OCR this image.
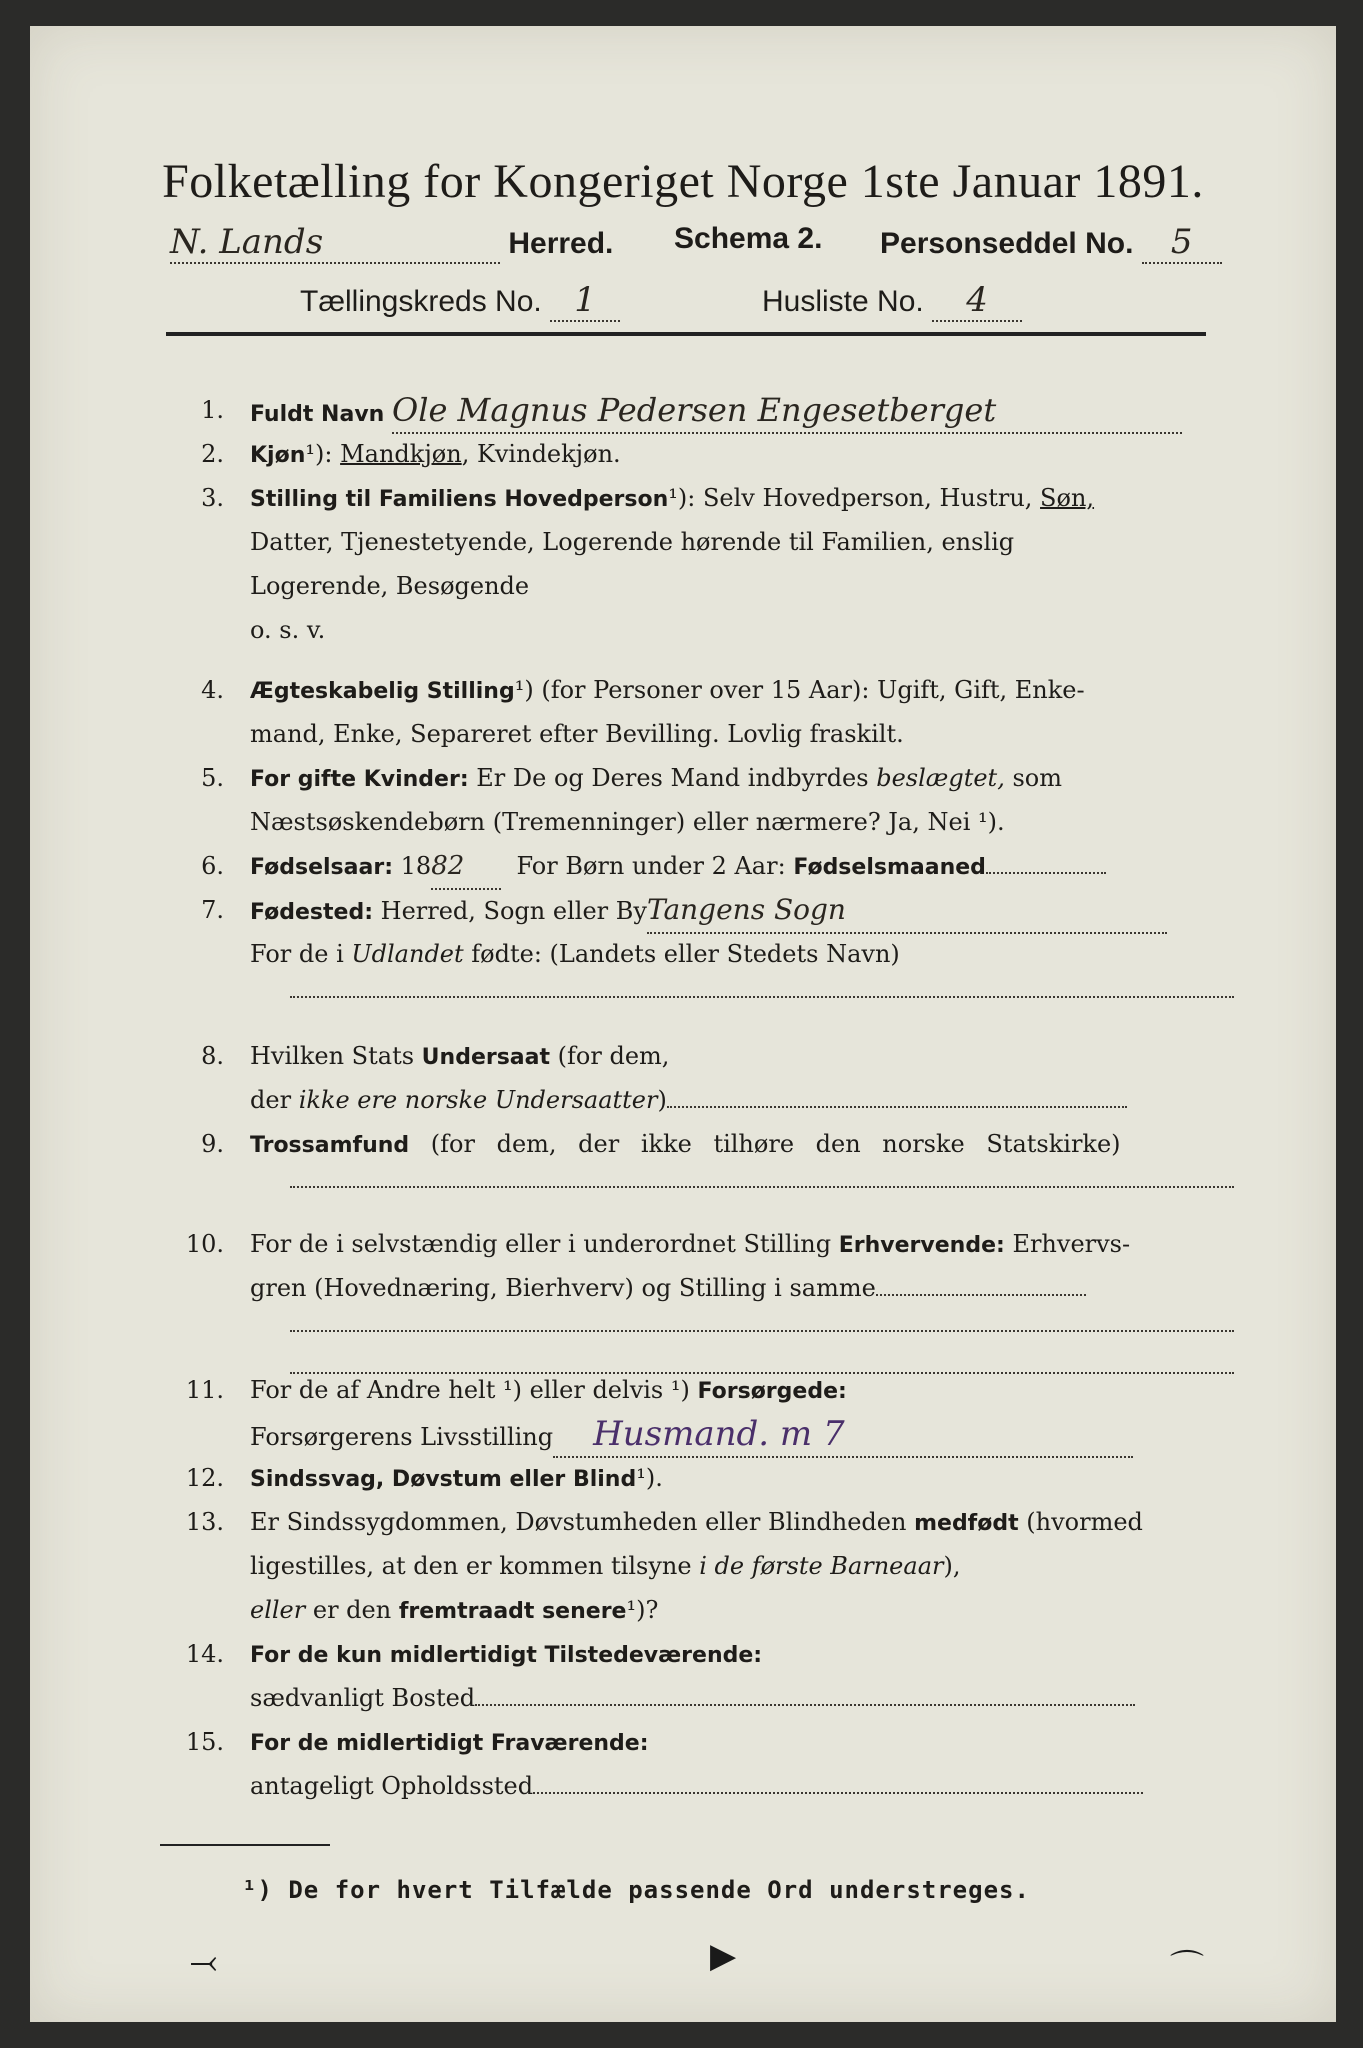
Folketælling for Kongeriget Norge 1ste Januar 1891.
N. Lands	Herred. Schema 2. Personseddel No. 5
Tællingskreds No. 1	Husliste No. 4
1. Fuldt Navn Ole Magnus Pedersen Engesetberget
2. Kjøn¹): Mandkjøn, Kvindekjøn.
3. Stilling til Familiens Hovedperson¹): Selv Hovedperson, Hustru, Søn,
Datter, Tjenestetyende, Logerende hørende til Familien, enslig
Logerende, Besøgende
o. s. v.
4. Ægteskabelig Stilling¹) (for Personer over 15 Aar): Ugift, Gift, Enke-
mand, Enke, Separeret efter Bevilling. Lovlig fraskilt.
5. For gifte Kvinder: Er De og Deres Mand indbyrdes beslægtet, som
Næstsøskendebørn (Tremenninger) eller nærmere? Ja, Nei ¹).
6. Fødselsaar: 1882 For Børn under 2 Aar: Fødselsmaaned
7. Fødested: Herred, Sogn eller ByTangens Sogn
For de i Udlandet fødte: (Landets eller Stedets Navn)
8. Hvilken Stats Undersaat (for dem,
der ikke ere norske Undersaatter)
9. Trossamfund (for dem, der ikke tilhøre den norske Statskirke)
10. For de i selvstændig eller i underordnet Stilling Erhvervende: Erhvervs-
gren (Hovednæring, Bierhverv) og Stilling i samme
11. For de af Andre helt ¹) eller delvis ¹) Forsørgede:
Forsørgerens Livsstilling Husmand. m 7
12. Sindssvag, Døvstum eller Blind¹).
13. Er Sindssygdommen, Døvstumheden eller Blindheden medfødt (hvormed
ligestilles, at den er kommen tilsyne i de første Barneaar),
eller er den fremtraadt senere¹)?
14. For de kun midlertidigt Tilstedeværende:
sædvanligt Bosted
15. For de midlertidigt Fraværende:
antageligt Opholdssted
¹) De for hvert Tilfælde passende Ord understreges.
⤙	▶	⌒
